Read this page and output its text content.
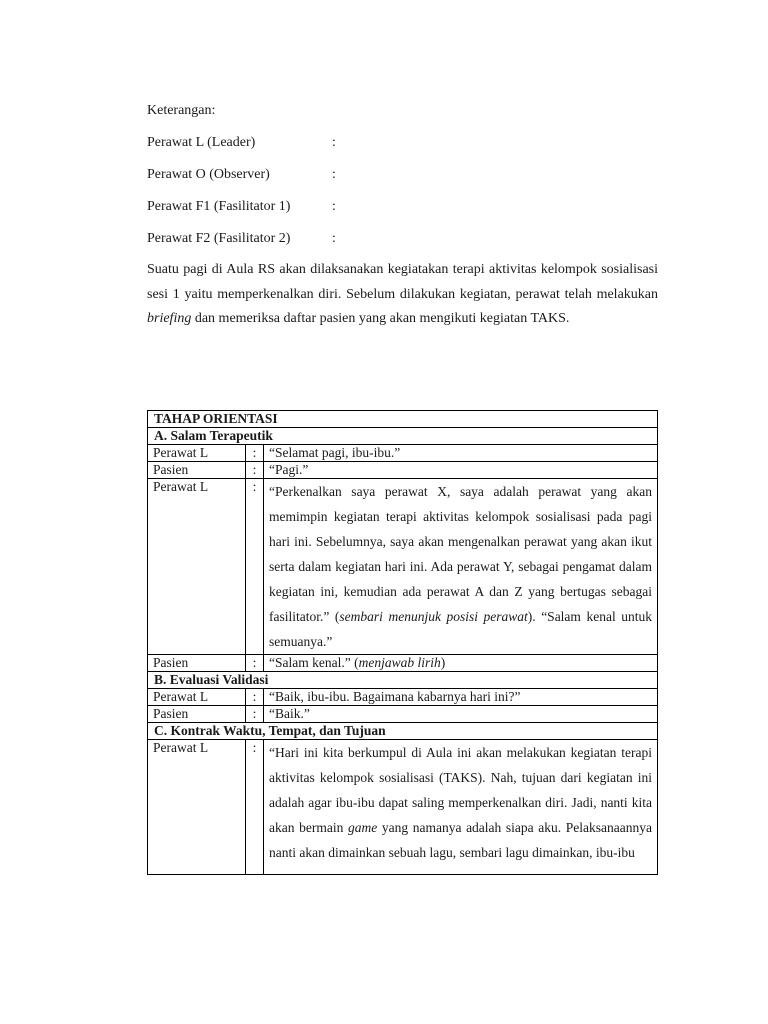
Keterangan:
Perawat L (Leader)	:
Perawat O (Observer)	:
Perawat F1 (Fasilitator 1)	:
Perawat F2 (Fasilitator 2)	:

Suatu pagi di Aula RS akan dilaksanakan kegiatakan terapi aktivitas kelompok sosialisasi sesi 1 yaitu memperkenalkan diri. Sebelum dilakukan kegiatan, perawat telah melakukan briefing dan memeriksa daftar pasien yang akan mengikuti kegiatan TAKS.

TAHAP ORIENTASI		
A. Salam Terapeutik		
Perawat L	:	“Selamat pagi, ibu-ibu.”
Pasien	:	“Pagi.”
Perawat L	:	“Perkenalkan saya perawat X, saya adalah perawat yang akan memimpin kegiatan terapi aktivitas kelompok sosialisasi pada pagi hari ini. Sebelumnya, saya akan mengenalkan perawat yang akan ikut serta dalam kegiatan hari ini. Ada perawat Y, sebagai pengamat dalam kegiatan ini, kemudian ada perawat A dan Z yang bertugas sebagai fasilitator.” (sembari menunjuk posisi perawat). “Salam kenal untuk semuanya.”
Pasien	:	“Salam kenal.” (menjawab lirih)
B. Evaluasi Validasi		
Perawat L	:	“Baik, ibu-ibu. Bagaimana kabarnya hari ini?”
Pasien	:	“Baik.”
C. Kontrak Waktu, Tempat, dan Tujuan		
Perawat L	:	“Hari ini kita berkumpul di Aula ini akan melakukan kegiatan terapi aktivitas kelompok sosialisasi (TAKS). Nah, tujuan dari kegiatan ini adalah agar ibu-ibu dapat saling memperkenalkan diri. Jadi, nanti kita akan bermain game yang namanya adalah siapa aku. Pelaksanaannya nanti akan dimainkan sebuah lagu, sembari lagu dimainkan, ibu-ibu
